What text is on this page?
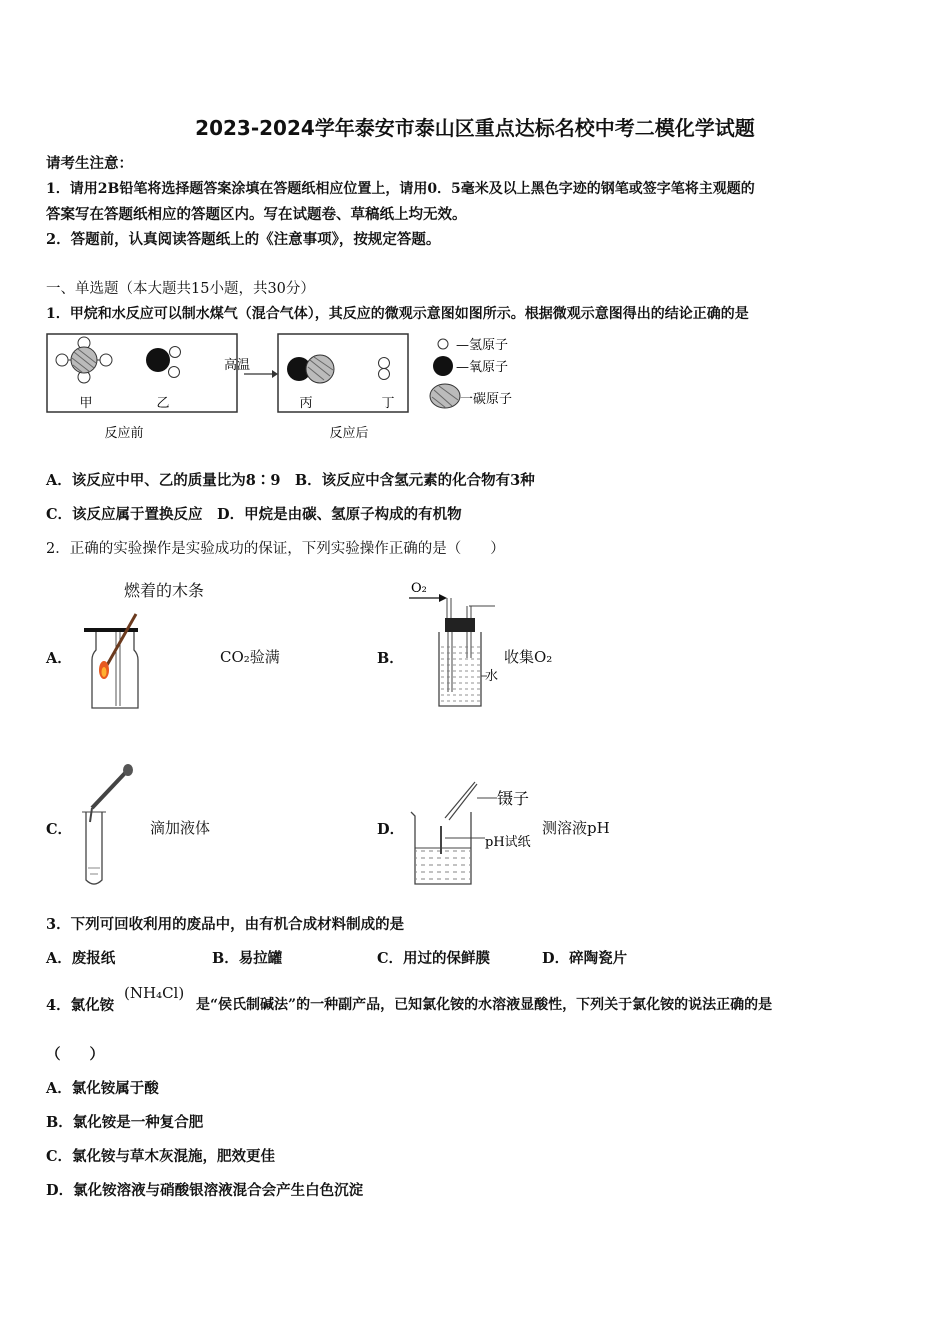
2023-2024学年泰安市泰山区重点达标名校中考二模化学试题
请考生注意：
1．请用2B铅笔将选择题答案涂填在答题纸相应位置上，请用0．5毫米及以上黑色字迹的钢笔或签字笔将主观题的
答案写在答题纸相应的答题区内。写在试题卷、草稿纸上均无效。
2．答题前，认真阅读答题纸上的《注意事项》，按规定答题。
一、单选题（本大题共15小题，共30分）
1．甲烷和水反应可以制水煤气（混合气体），其反应的微观示意图如图所示。根据微观示意图得出的结论正确的是
甲	乙
高温
丙	丁
—氢原子
—氧原子
一碳原子
反应前	反应后
A．该反应中甲、乙的质量比为8∶9　B．该反应中含氢元素的化合物有3种
C．该反应属于置换反应　D．甲烷是由碳、氢原子构成的有机物
2．正确的实验操作是实验成功的保证，下列实验操作正确的是（　　）
A．
燃着的木条
CO₂验满	B．
O₂
水
收集O₂
C．	滴加液体	D．
镊子
pH试纸
测溶液pH
3．下列可回收利用的废品中，由有机合成材料制成的是
A．废报纸	B．易拉罐	C．用过的保鲜膜	D．碎陶瓷片
4．氯化铵
(NH₄Cl)
是“侯氏制碱法”的一种副产品，已知氯化铵的水溶液显酸性，下列关于氯化铵的说法正确的是
（　　）
A．氯化铵属于酸
B．氯化铵是一种复合肥
C．氯化铵与草木灰混施，肥效更佳
D．氯化铵溶液与硝酸银溶液混合会产生白色沉淀
